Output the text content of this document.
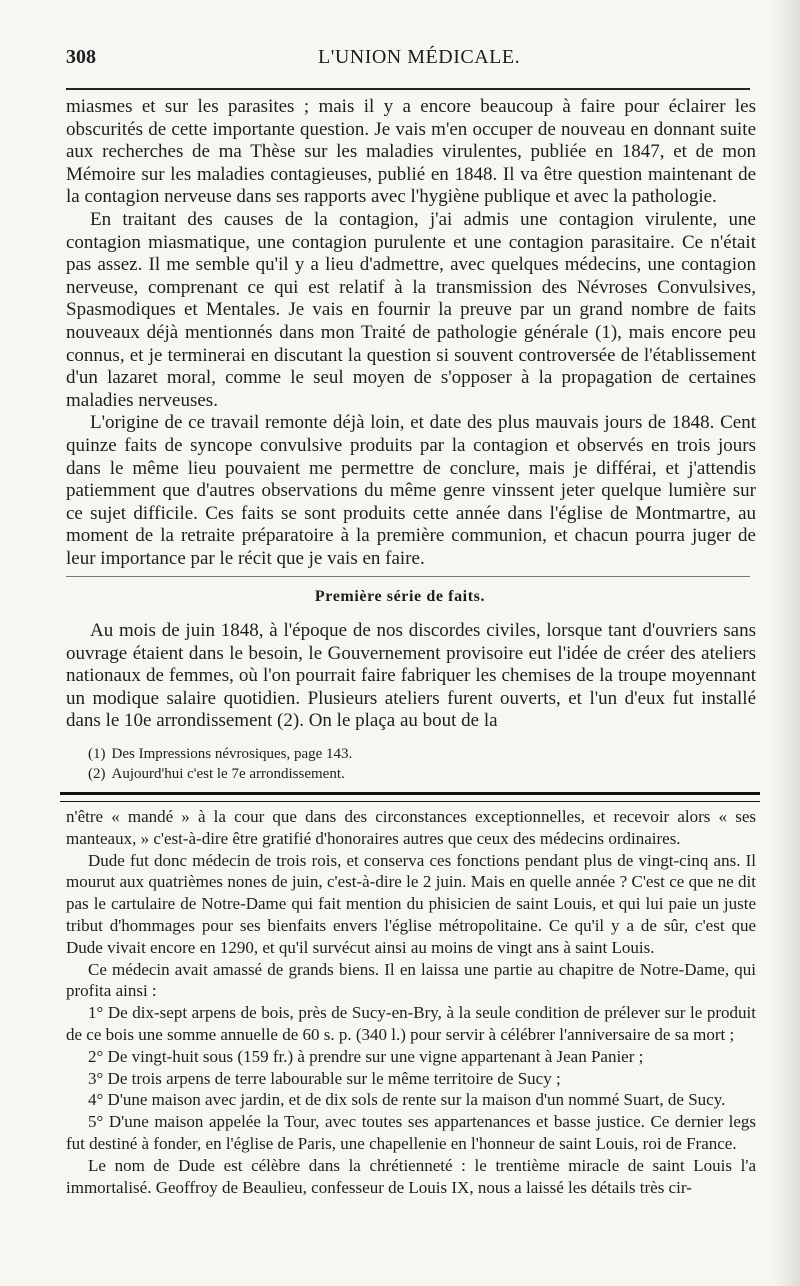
308	L'UNION MÉDICALE.

miasmes et sur les parasites ; mais il y a encore beaucoup à faire pour éclairer les obscurités de cette importante question. Je vais m'en occuper de nouveau en donnant suite aux recherches de ma Thèse sur les maladies virulentes, publiée en 1847, et de mon Mémoire sur les maladies contagieuses, publié en 1848. Il va être question maintenant de la contagion nerveuse dans ses rapports avec l'hygiène publique et avec la pathologie.

En traitant des causes de la contagion, j'ai admis une contagion virulente, une contagion miasmatique, une contagion purulente et une contagion parasitaire. Ce n'était pas assez. Il me semble qu'il y a lieu d'admettre, avec quelques médecins, une contagion nerveuse, comprenant ce qui est relatif à la transmission des Névroses Convulsives, Spasmodiques et Mentales. Je vais en fournir la preuve par un grand nombre de faits nouveaux déjà mentionnés dans mon Traité de pathologie générale (1), mais encore peu connus, et je terminerai en discutant la question si souvent controversée de l'établissement d'un lazaret moral, comme le seul moyen de s'opposer à la propagation de certaines maladies nerveuses.

L'origine de ce travail remonte déjà loin, et date des plus mauvais jours de 1848. Cent quinze faits de syncope convulsive produits par la contagion et observés en trois jours dans le même lieu pouvaient me permettre de conclure, mais je différai, et j'attendis patiemment que d'autres observations du même genre vinssent jeter quelque lumière sur ce sujet difficile. Ces faits se sont produits cette année dans l'église de Montmartre, au moment de la retraite préparatoire à la première communion, et chacun pourra juger de leur importance par le récit que je vais en faire.

Première série de faits.

Au mois de juin 1848, à l'époque de nos discordes civiles, lorsque tant d'ouvriers sans ouvrage étaient dans le besoin, le Gouvernement provisoire eut l'idée de créer des ateliers nationaux de femmes, où l'on pourrait faire fabriquer les chemises de la troupe moyennant un modique salaire quotidien. Plusieurs ateliers furent ouverts, et l'un d'eux fut installé dans le 10e arrondissement (2). On le plaça au bout de la

(1) Des Impressions névrosiques, page 143.
(2) Aujourd'hui c'est le 7e arrondissement.

n'être « mandé » à la cour que dans des circonstances exceptionnelles, et recevoir alors « ses manteaux, » c'est-à-dire être gratifié d'honoraires autres que ceux des médecins ordinaires.

Dude fut donc médecin de trois rois, et conserva ces fonctions pendant plus de vingt-cinq ans. Il mourut aux quatrièmes nones de juin, c'est-à-dire le 2 juin. Mais en quelle année ? C'est ce que ne dit pas le cartulaire de Notre-Dame qui fait mention du phisicien de saint Louis, et qui lui paie un juste tribut d'hommages pour ses bienfaits envers l'église métropolitaine. Ce qu'il y a de sûr, c'est que Dude vivait encore en 1290, et qu'il survécut ainsi au moins de vingt ans à saint Louis.

Ce médecin avait amassé de grands biens. Il en laissa une partie au chapitre de Notre-Dame, qui profita ainsi :

1° De dix-sept arpens de bois, près de Sucy-en-Bry, à la seule condition de prélever sur le produit de ce bois une somme annuelle de 60 s. p. (340 l.) pour servir à célébrer l'anniversaire de sa mort ;

2° De vingt-huit sous (159 fr.) à prendre sur une vigne appartenant à Jean Panier ;

3° De trois arpens de terre labourable sur le même territoire de Sucy ;

4° D'une maison avec jardin, et de dix sols de rente sur la maison d'un nommé Suart, de Sucy.

5° D'une maison appelée la Tour, avec toutes ses appartenances et basse justice. Ce dernier legs fut destiné à fonder, en l'église de Paris, une chapellenie en l'honneur de saint Louis, roi de France.

Le nom de Dude est célèbre dans la chrétienneté : le trentième miracle de saint Louis l'a immortalisé. Geoffroy de Beaulieu, confesseur de Louis IX, nous a laissé les détails très cir-
